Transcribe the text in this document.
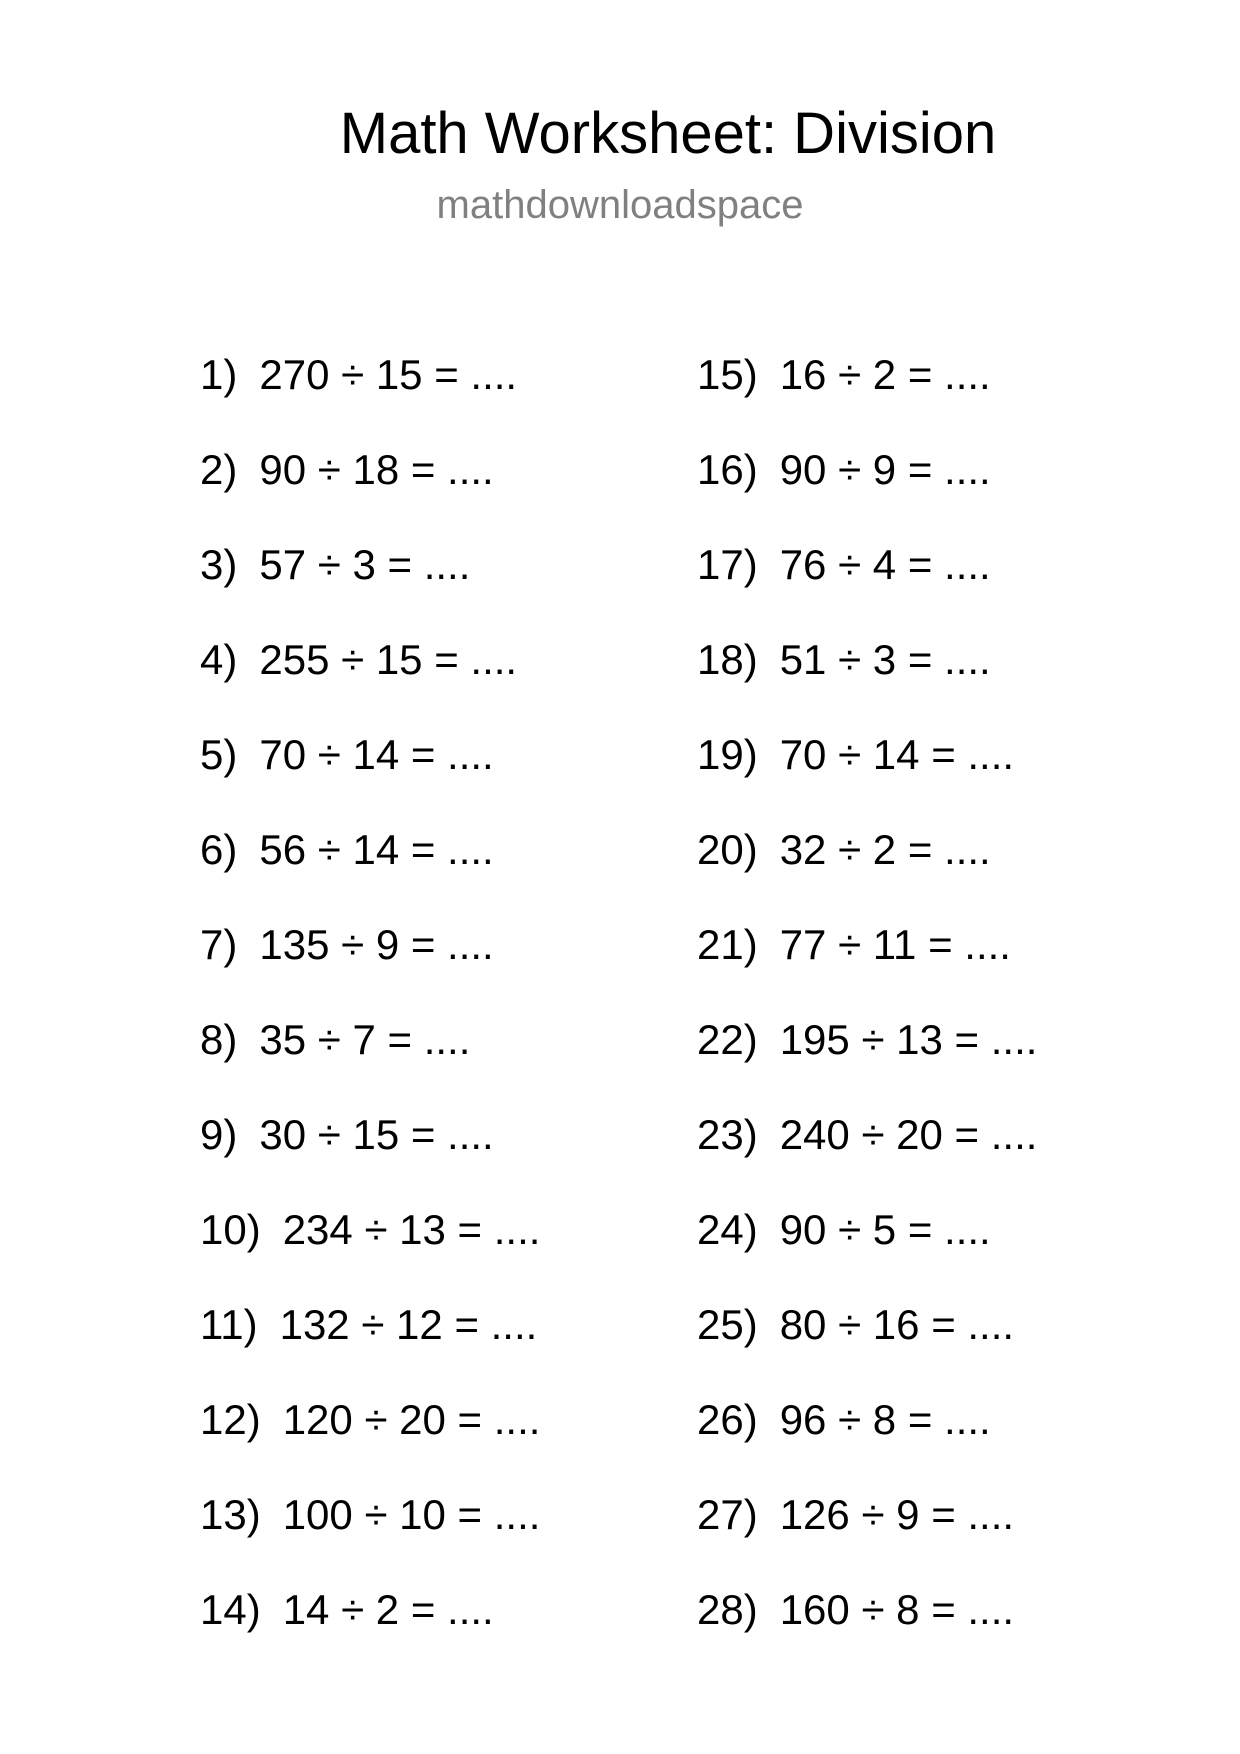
Math Worksheet: Division
mathdownloadspace
1) 270 ÷ 15 = ....
2) 90 ÷ 18 = ....
3) 57 ÷ 3 = ....
4) 255 ÷ 15 = ....
5) 70 ÷ 14 = ....
6) 56 ÷ 14 = ....
7) 135 ÷ 9 = ....
8) 35 ÷ 7 = ....
9) 30 ÷ 15 = ....
10) 234 ÷ 13 = ....
11) 132 ÷ 12 = ....
12) 120 ÷ 20 = ....
13) 100 ÷ 10 = ....
14) 14 ÷ 2 = ....
15) 16 ÷ 2 = ....
16) 90 ÷ 9 = ....
17) 76 ÷ 4 = ....
18) 51 ÷ 3 = ....
19) 70 ÷ 14 = ....
20) 32 ÷ 2 = ....
21) 77 ÷ 11 = ....
22) 195 ÷ 13 = ....
23) 240 ÷ 20 = ....
24) 90 ÷ 5 = ....
25) 80 ÷ 16 = ....
26) 96 ÷ 8 = ....
27) 126 ÷ 9 = ....
28) 160 ÷ 8 = ....
